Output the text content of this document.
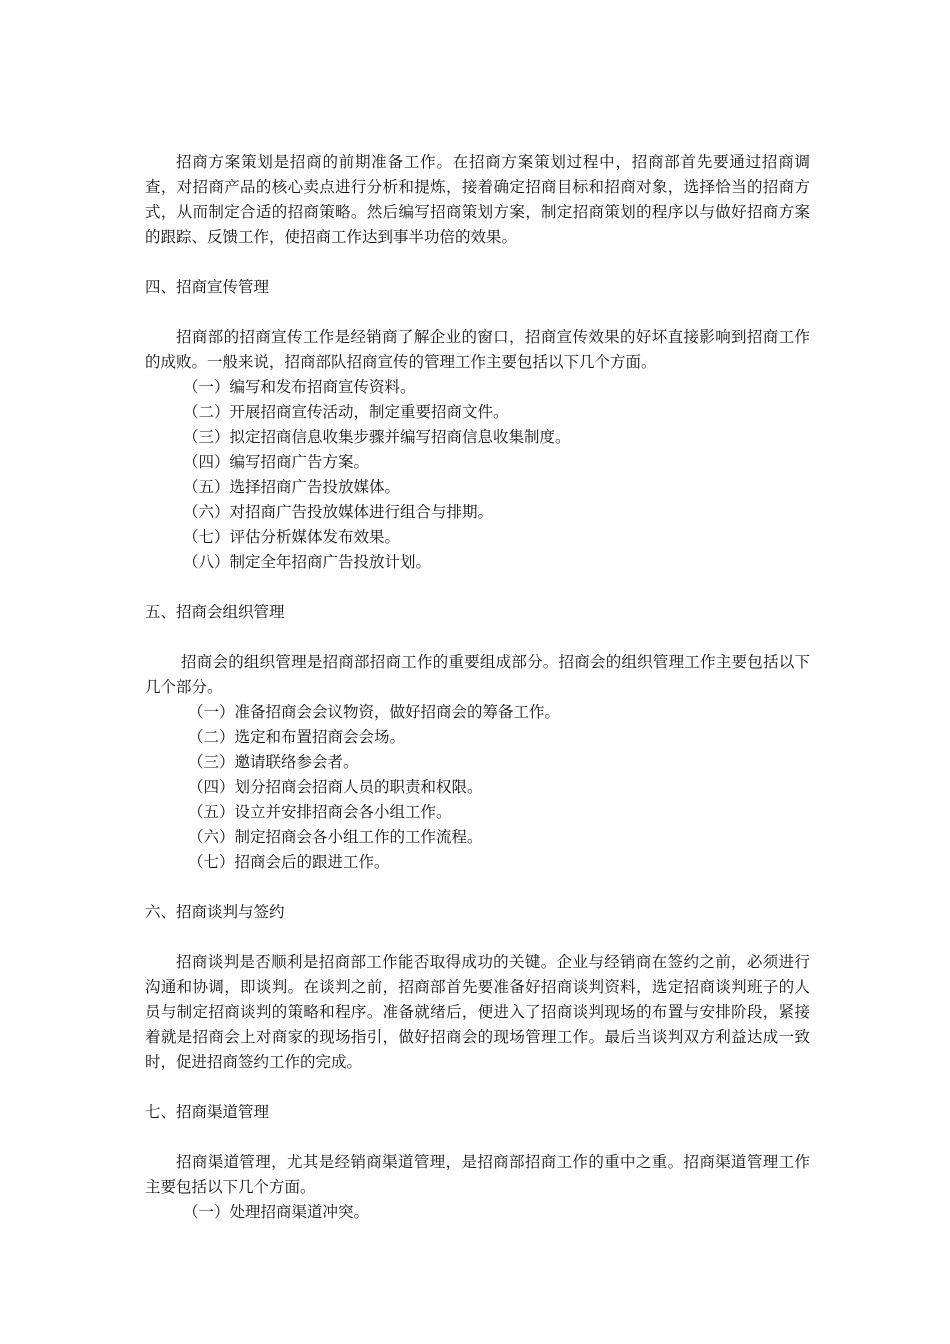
招商方案策划是招商的前期准备工作。在招商方案策划过程中，招商部首先要通过招商调查，对招商产品的核心卖点进行分析和提炼，接着确定招商目标和招商对象，选择恰当的招商方式，从而制定合适的招商策略。然后编写招商策划方案，制定招商策划的程序以与做好招商方案的跟踪、反馈工作，使招商工作达到事半功倍的效果。

四、招商宣传管理

招商部的招商宣传工作是经销商了解企业的窗口，招商宣传效果的好坏直接影响到招商工作的成败。一般来说，招商部队招商宣传的管理工作主要包括以下几个方面。

（一）编写和发布招商宣传资料。
（二）开展招商宣传活动，制定重要招商文件。
（三）拟定招商信息收集步骤并编写招商信息收集制度。
（四）编写招商广告方案。
（五）选择招商广告投放媒体。
（六）对招商广告投放媒体进行组合与排期。
（七）评估分析媒体发布效果。
（八）制定全年招商广告投放计划。

五、招商会组织管理

招商会的组织管理是招商部招商工作的重要组成部分。招商会的组织管理工作主要包括以下几个部分。

（一）准备招商会会议物资，做好招商会的筹备工作。
（二）选定和布置招商会会场。
（三）邀请联络参会者。
（四）划分招商会招商人员的职责和权限。
（五）设立并安排招商会各小组工作。
（六）制定招商会各小组工作的工作流程。
（七）招商会后的跟进工作。

六、招商谈判与签约

招商谈判是否顺利是招商部工作能否取得成功的关键。企业与经销商在签约之前，必须进行沟通和协调，即谈判。在谈判之前，招商部首先要准备好招商谈判资料，选定招商谈判班子的人员与制定招商谈判的策略和程序。准备就绪后，便进入了招商谈判现场的布置与安排阶段，紧接着就是招商会上对商家的现场指引，做好招商会的现场管理工作。最后当谈判双方利益达成一致时，促进招商签约工作的完成。

七、招商渠道管理

招商渠道管理，尤其是经销商渠道管理，是招商部招商工作的重中之重。招商渠道管理工作主要包括以下几个方面。

（一）处理招商渠道冲突。
